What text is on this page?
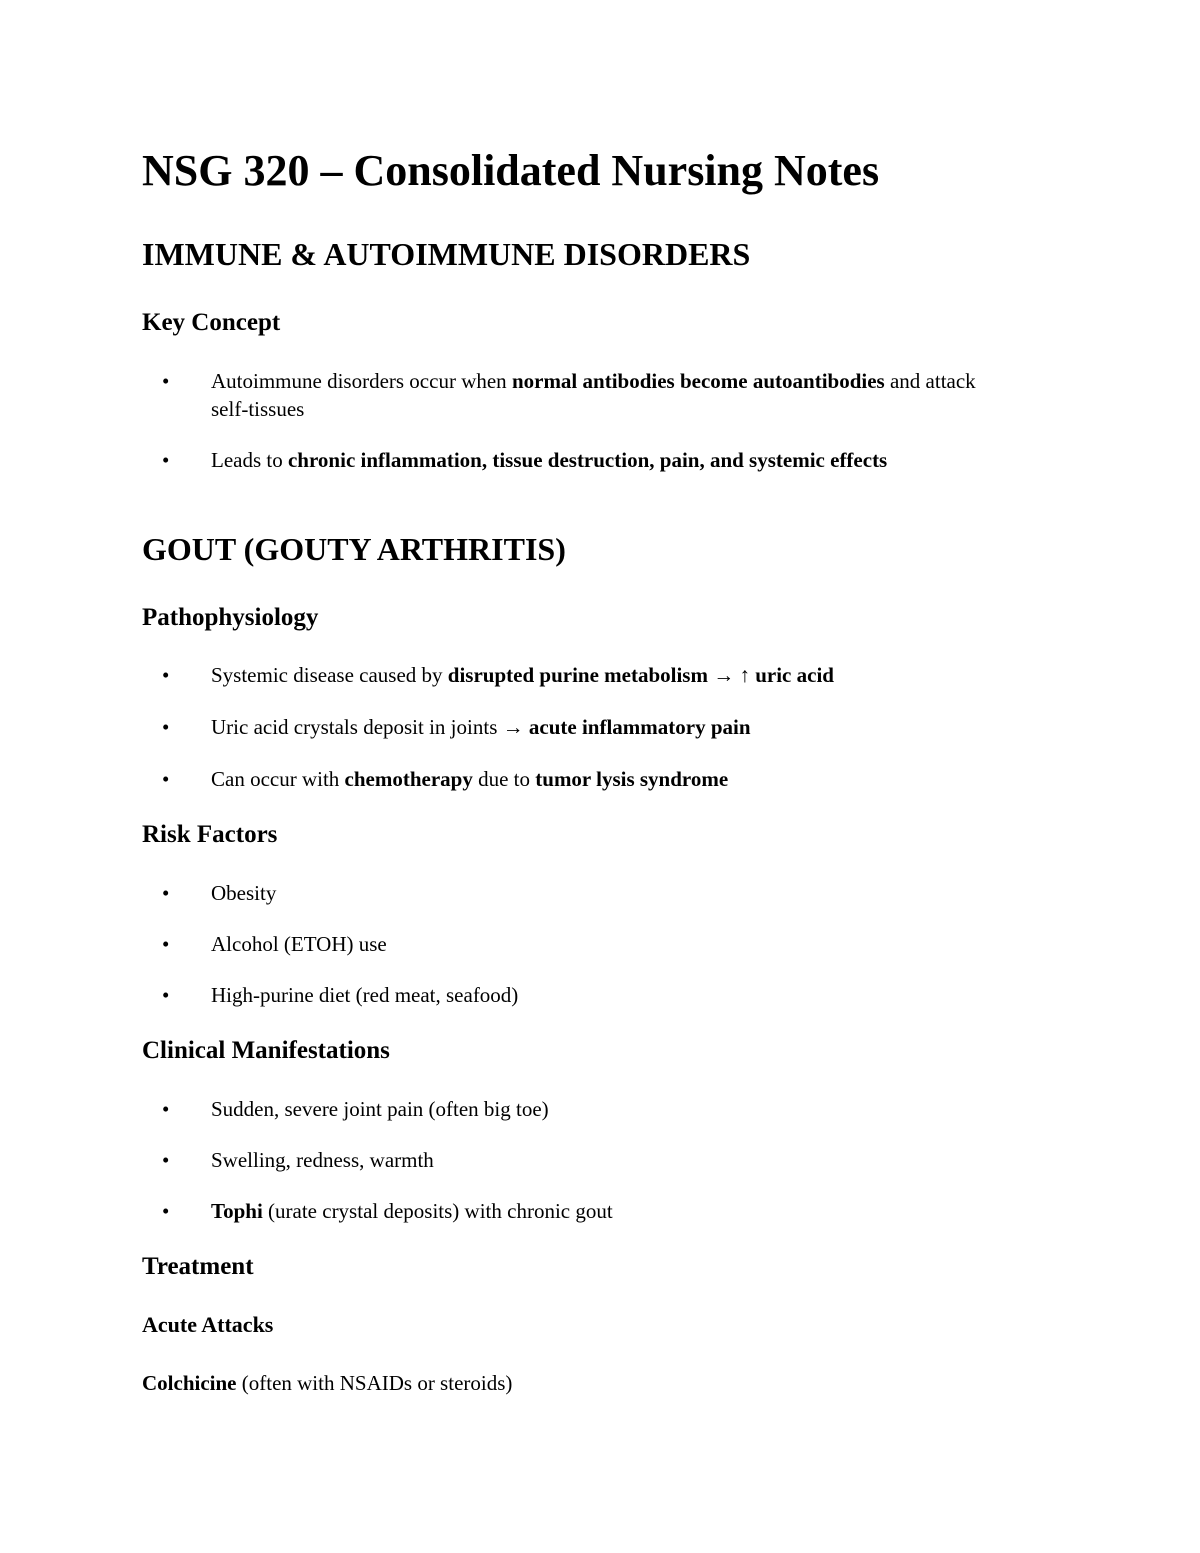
NSG 320 – Consolidated Nursing Notes
IMMUNE & AUTOIMMUNE DISORDERS
Key Concept
• Autoimmune disorders occur when normal antibodies become autoantibodies and attack self-tissues
• Leads to chronic inflammation, tissue destruction, pain, and systemic effects
GOUT (GOUTY ARTHRITIS)
Pathophysiology
• Systemic disease caused by disrupted purine metabolism → ↑ uric acid
• Uric acid crystals deposit in joints → acute inflammatory pain
• Can occur with chemotherapy due to tumor lysis syndrome
Risk Factors
• Obesity
• Alcohol (ETOH) use
• High-purine diet (red meat, seafood)
Clinical Manifestations
• Sudden, severe joint pain (often big toe)
• Swelling, redness, warmth
• Tophi (urate crystal deposits) with chronic gout
Treatment
Acute Attacks
Colchicine (often with NSAIDs or steroids)
